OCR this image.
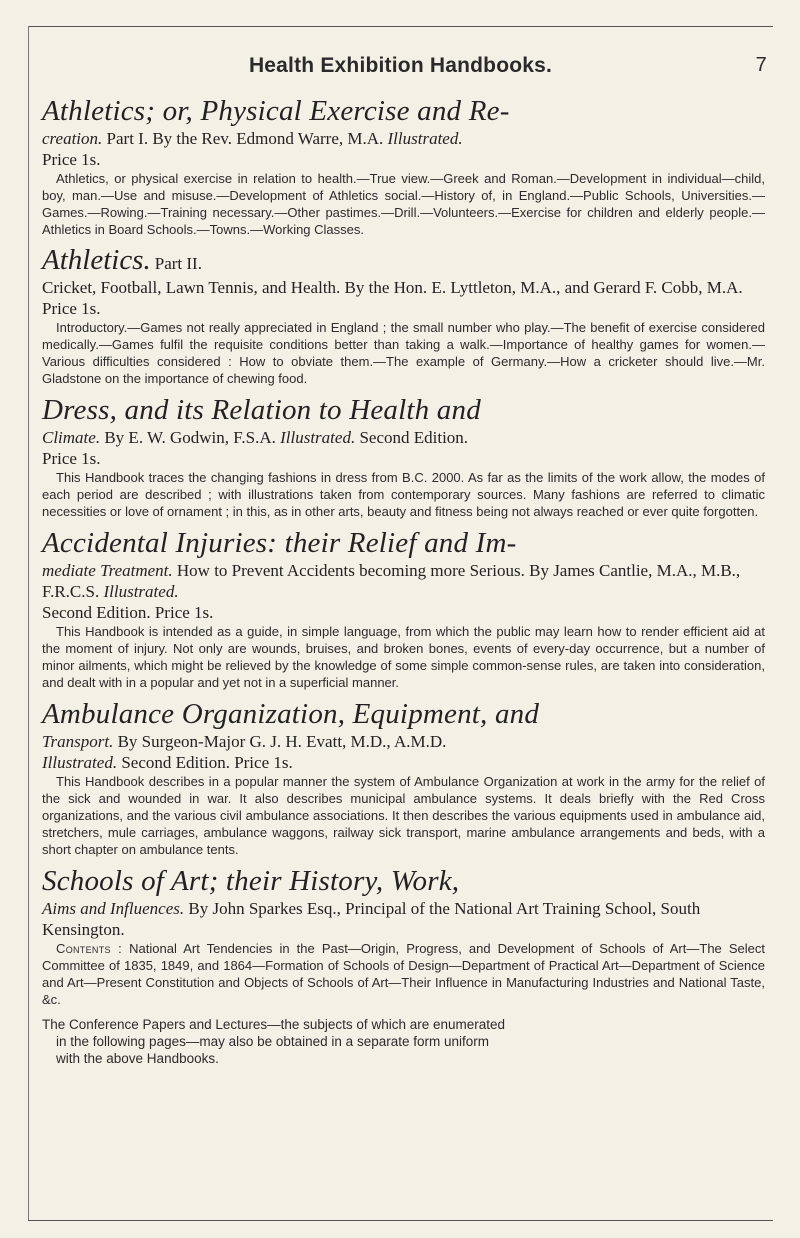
Health Exhibition Handbooks.	7
Athletics; or, Physical Exercise and Re-
creation. Part I. By the Rev. Edmond Warre, M.A. Illustrated.
Price 1s.
Athletics, or physical exercise in relation to health.—True view.—Greek and Roman.—Development in individual—child, boy, man.—Use and misuse.—Development of Athletics social.—History of, in England.—Public Schools, Universities.—Games.—Rowing.—Training necessary.—Other pastimes.—Drill.—Volunteers.—Exercise for children and elderly people.—Athletics in Board Schools.—Towns.—Working Classes.
Athletics. Part II.
Cricket, Football, Lawn Tennis, and Health. By the Hon. E. Lyttleton, M.A., and Gerard F. Cobb, M.A. Price 1s.
Introductory.—Games not really appreciated in England ; the small number who play.—The benefit of exercise considered medically.—Games fulfil the requisite conditions better than taking a walk.—Importance of healthy games for women.—Various difficulties considered : How to obviate them.—The example of Germany.—How a cricketer should live.—Mr. Gladstone on the importance of chewing food.
Dress, and its Relation to Health and
Climate. By E. W. Godwin, F.S.A. Illustrated. Second Edition.
Price 1s.
This Handbook traces the changing fashions in dress from B.C. 2000. As far as the limits of the work allow, the modes of each period are described ; with illustrations taken from contemporary sources. Many fashions are referred to climatic necessities or love of ornament ; in this, as in other arts, beauty and fitness being not always reached or ever quite forgotten.
Accidental Injuries: their Relief and Im-
mediate Treatment. How to Prevent Accidents becoming more Serious. By James Cantlie, M.A., M.B., F.R.C.S. Illustrated.
Second Edition. Price 1s.
This Handbook is intended as a guide, in simple language, from which the public may learn how to render efficient aid at the moment of injury. Not only are wounds, bruises, and broken bones, events of every-day occurrence, but a number of minor ailments, which might be relieved by the knowledge of some simple common-sense rules, are taken into consideration, and dealt with in a popular and yet not in a superficial manner.
Ambulance Organization, Equipment, and
Transport. By Surgeon-Major G. J. H. Evatt, M.D., A.M.D.
Illustrated. Second Edition. Price 1s.
This Handbook describes in a popular manner the system of Ambulance Organization at work in the army for the relief of the sick and wounded in war. It also describes municipal ambulance systems. It deals briefly with the Red Cross organizations, and the various civil ambulance associations. It then describes the various equipments used in ambulance aid, stretchers, mule carriages, ambulance waggons, railway sick transport, marine ambulance arrangements and beds, with a short chapter on ambulance tents.
Schools of Art; their History, Work,
Aims and Influences. By John Sparkes Esq., Principal of the National Art Training School, South Kensington.
Contents : National Art Tendencies in the Past—Origin, Progress, and Development of Schools of Art—The Select Committee of 1835, 1849, and 1864—Formation of Schools of Design—Department of Practical Art—Department of Science and Art—Present Constitution and Objects of Schools of Art—Their Influence in Manufacturing Industries and National Taste, &c.
The Conference Papers and Lectures—the subjects of which are enumerated
in the following pages—may also be obtained in a separate form uniform
with the above Handbooks.
